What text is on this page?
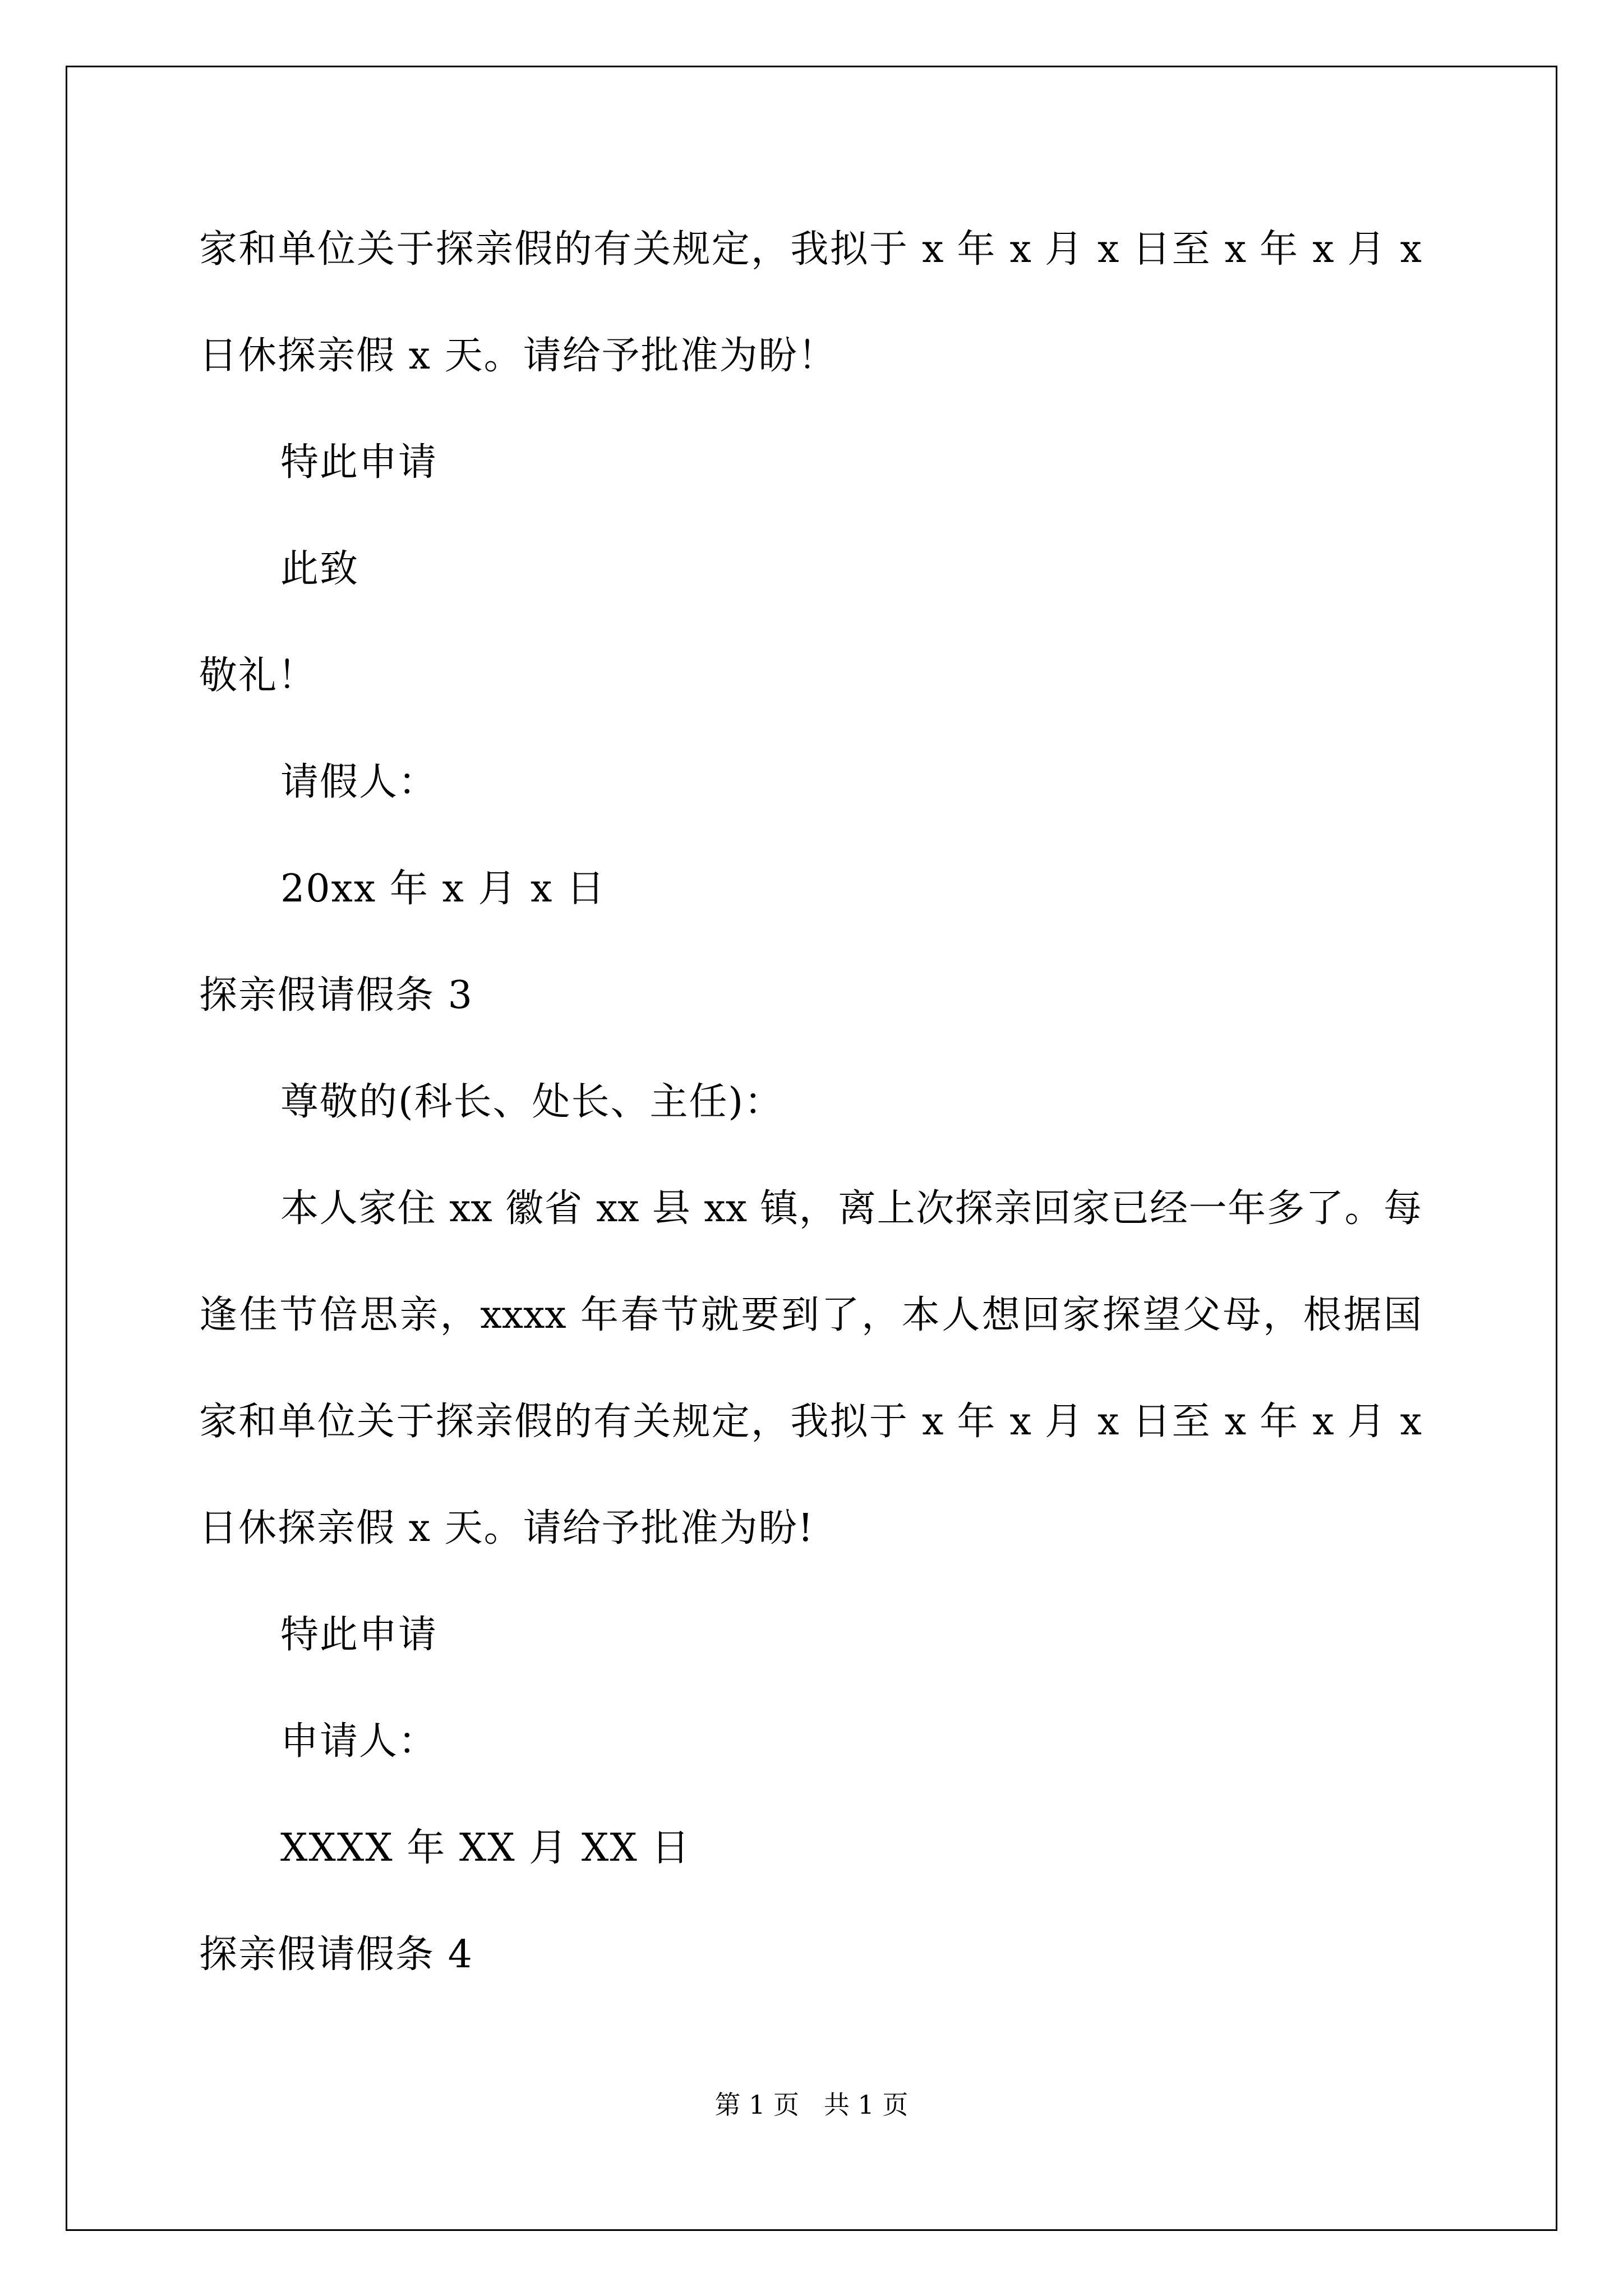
家和单位关于探亲假的有关规定，我拟于 x 年 x 月 x 日至 x 年 x 月 x
日休探亲假 x 天。请给予批准为盼！
特此申请
此致
敬礼！
请假人：
20xx 年 x 月 x 日
探亲假请假条 3
尊敬的(科长、处长、主任)：
本人家住 xx 徽省 xx 县 xx 镇，离上次探亲回家已经一年多了。每
逢佳节倍思亲，xxxx 年春节就要到了，本人想回家探望父母，根据国
家和单位关于探亲假的有关规定，我拟于 x 年 x 月 x 日至 x 年 x 月 x
日休探亲假 x 天。请给予批准为盼!
特此申请
申请人：
XXXX 年 XX 月 XX 日
探亲假请假条 4
第 1 页   共 1 页
